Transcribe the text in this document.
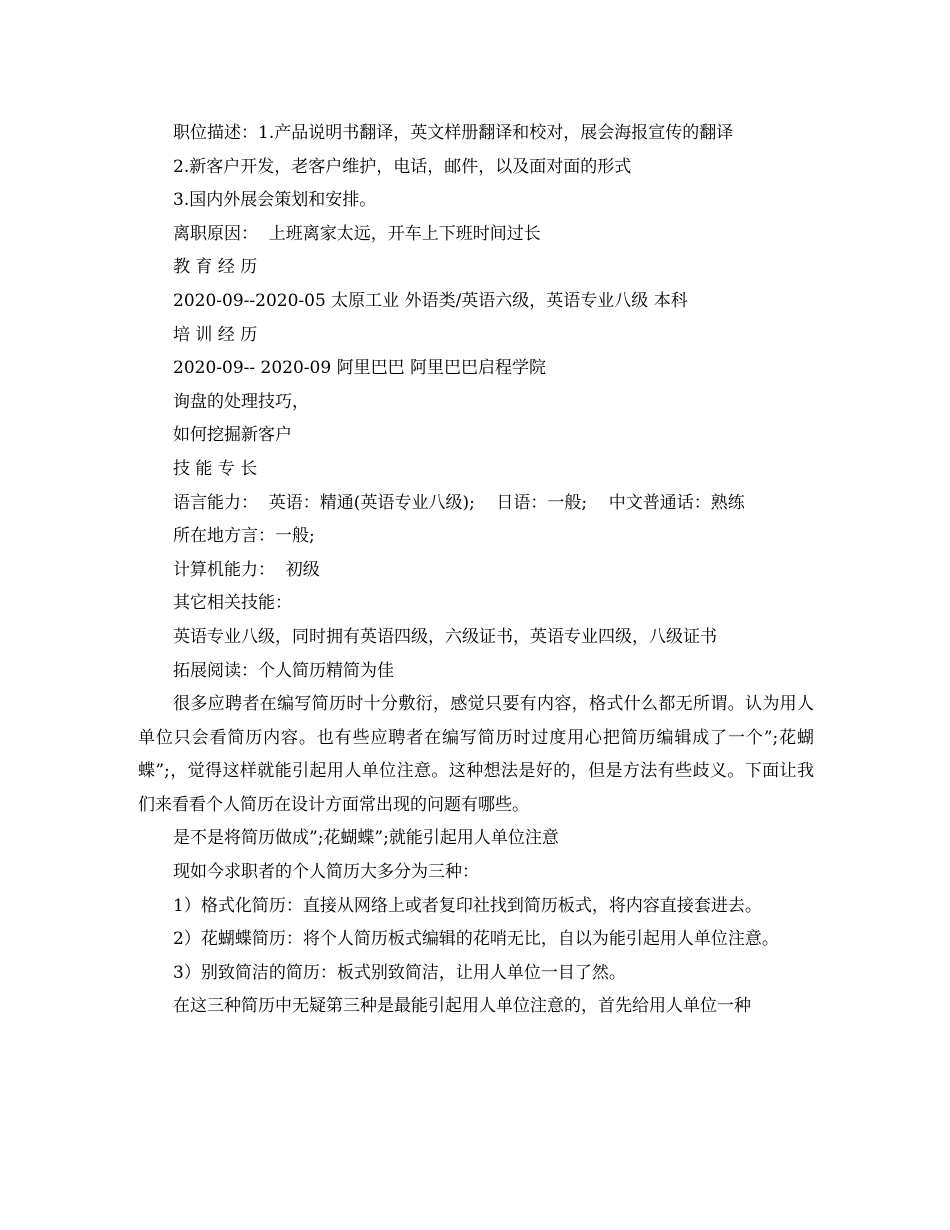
职位描述：1.产品说明书翻译，英文样册翻译和校对，展会海报宣传的翻译

2.新客户开发，老客户维护，电话，邮件，以及面对面的形式

3.国内外展会策划和安排。

离职原因：  上班离家太远，开车上下班时间过长

教 育 经 历

2020-09--2020-05 太原工业 外语类/英语六级，英语专业八级 本科

培 训 经 历

2020-09-- 2020-09 阿里巴巴 阿里巴巴启程学院

询盘的处理技巧，

如何挖掘新客户

技 能 专 长

语言能力：  英语：精通(英语专业八级);    日语：一般;    中文普通话：熟练

所在地方言：一般;

计算机能力：  初级

其它相关技能：

英语专业八级，同时拥有英语四级，六级证书，英语专业四级，八级证书

拓展阅读：个人简历精简为佳

很多应聘者在编写简历时十分敷衍，感觉只要有内容，格式什么都无所谓。认为用人单位只会看简历内容。也有些应聘者在编写简历时过度用心把简历编辑成了一个”;花蝴蝶”;，觉得这样就能引起用人单位注意。这种想法是好的，但是方法有些歧义。下面让我们来看看个人简历在设计方面常出现的问题有哪些。

是不是将简历做成”;花蝴蝶”;就能引起用人单位注意

现如今求职者的个人简历大多分为三种：

1）格式化简历：直接从网络上或者复印社找到简历板式，将内容直接套进去。

2）花蝴蝶简历：将个人简历板式编辑的花哨无比，自以为能引起用人单位注意。

3）别致简洁的简历：板式别致简洁，让用人单位一目了然。

在这三种简历中无疑第三种是最能引起用人单位注意的，首先给用人单位一种
